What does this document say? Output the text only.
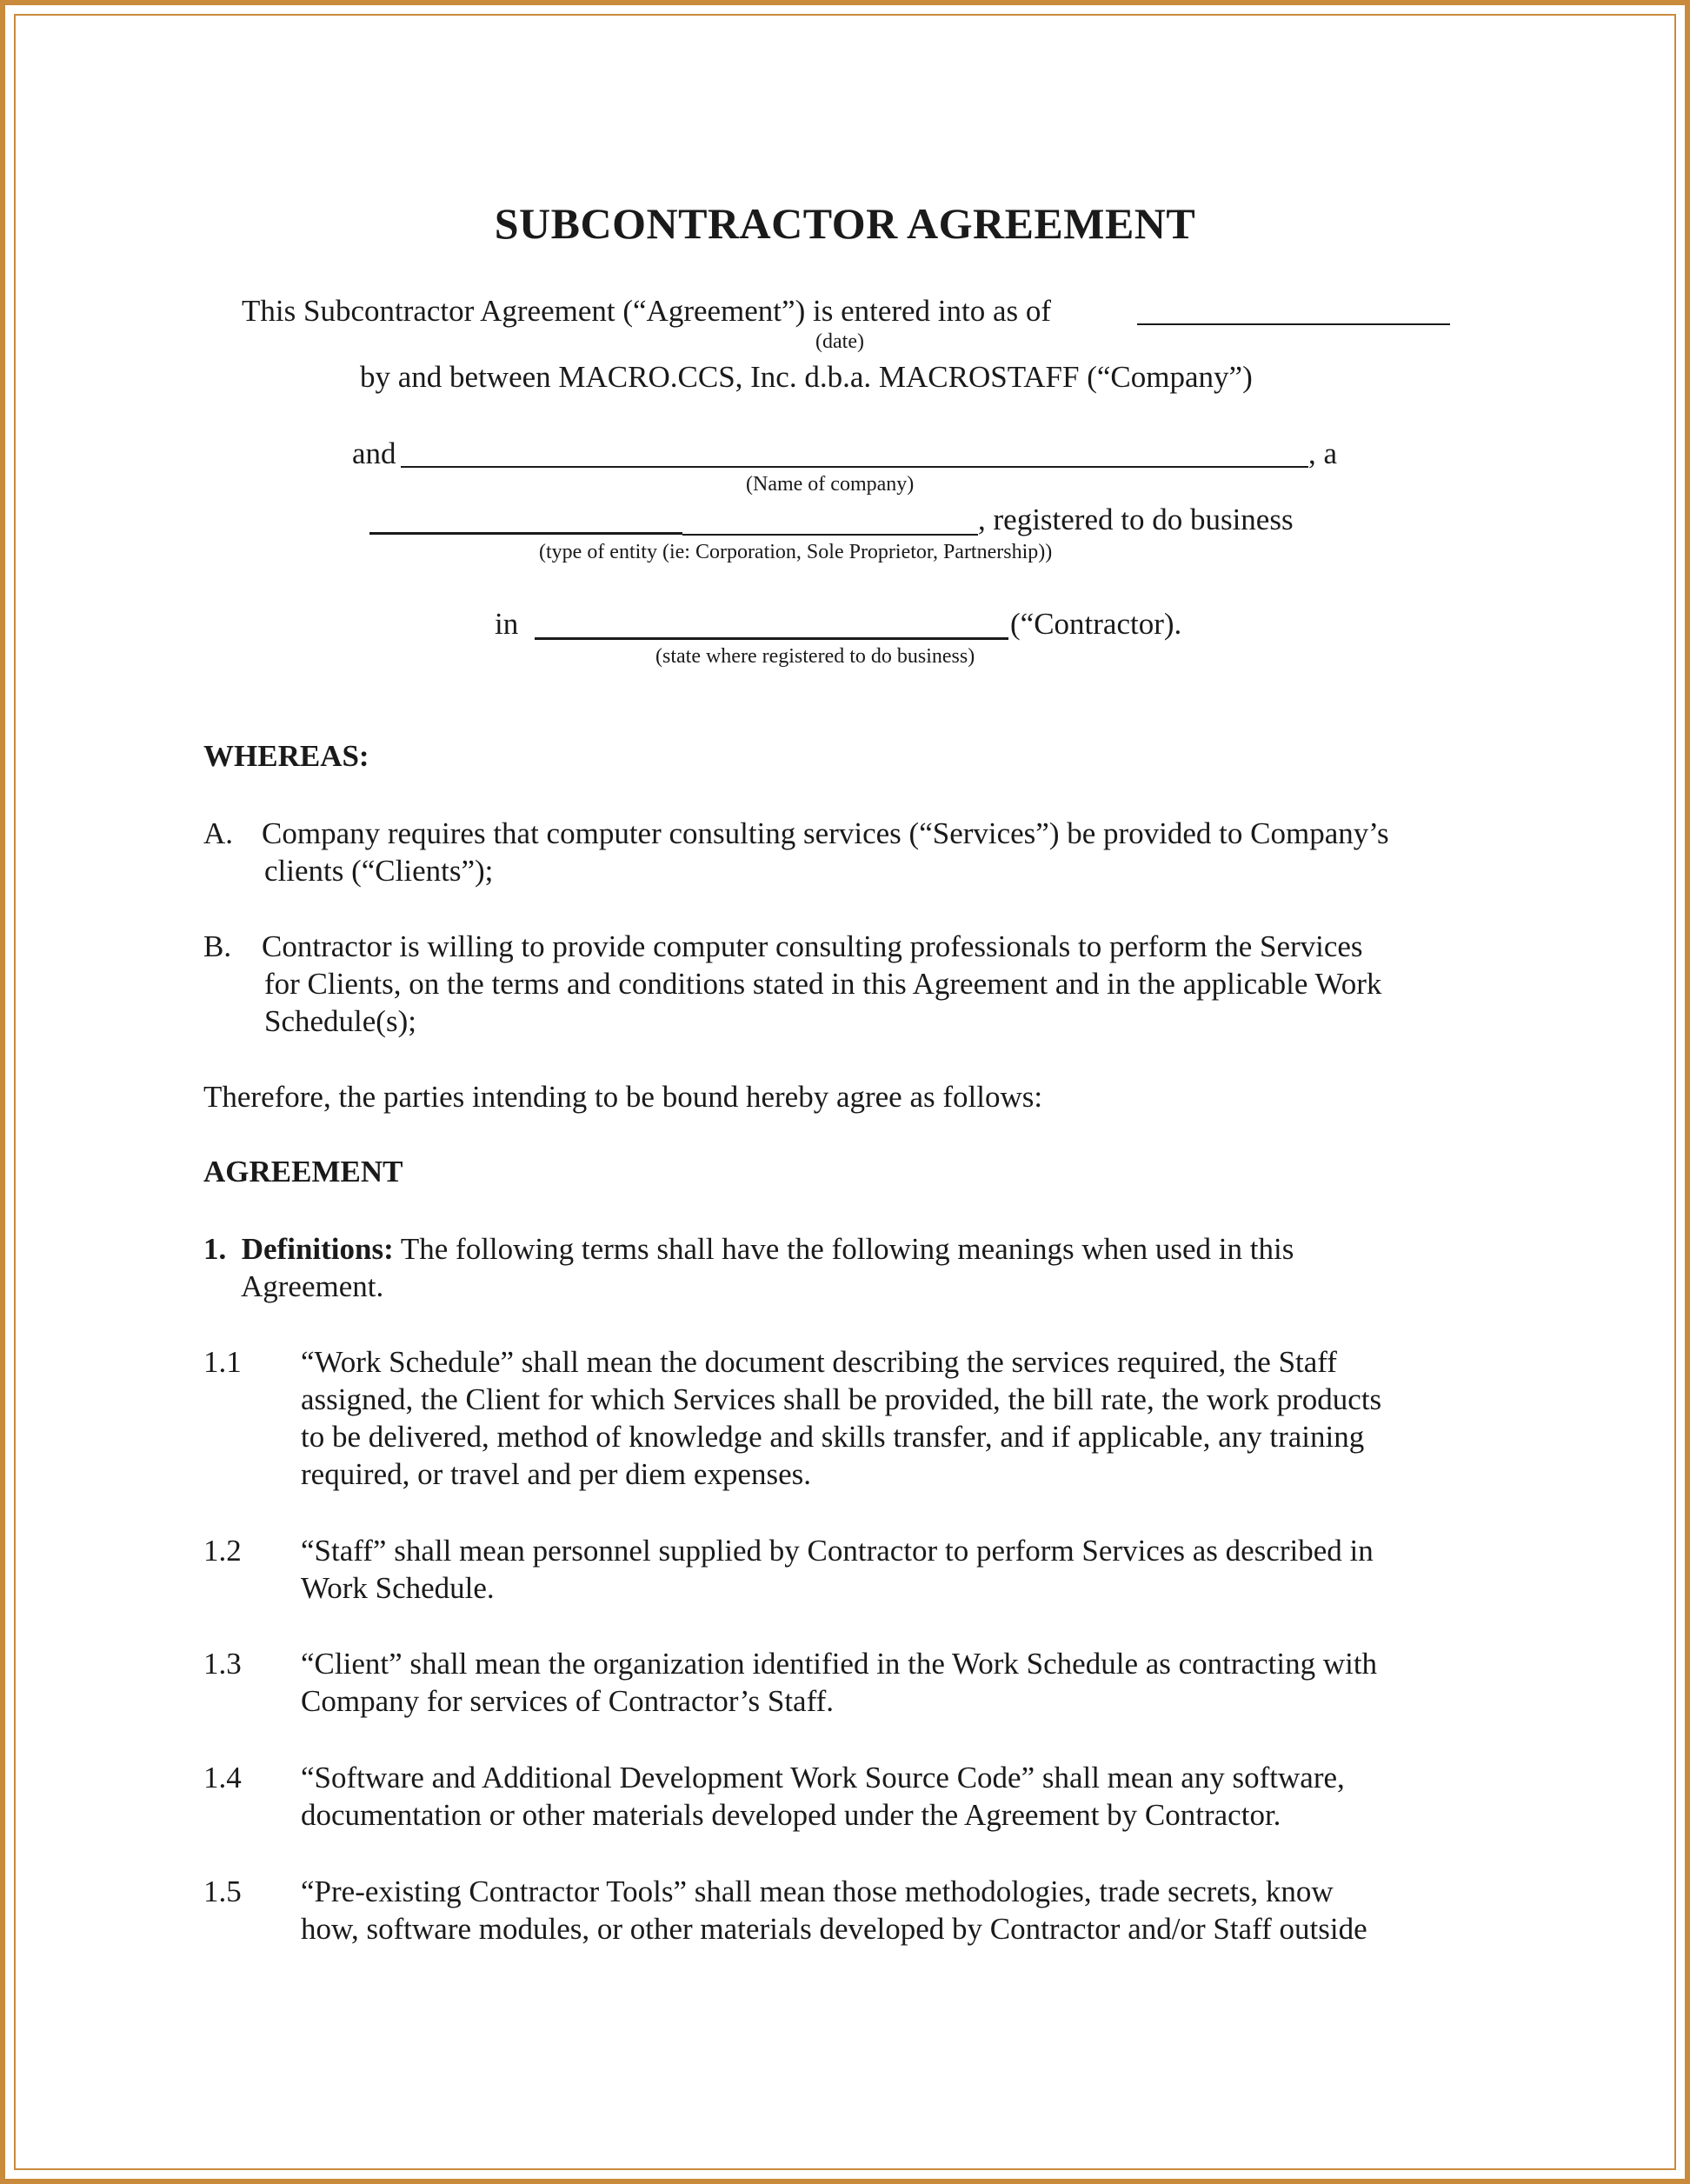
SUBCONTRACTOR AGREEMENT
This Subcontractor Agreement (“Agreement”) is entered into as of
(date)
by and between MACRO.CCS, Inc. d.b.a. MACROSTAFF (“Company”)
and	, a
(Name of company)
, registered to do business
(type of entity (ie: Corporation, Sole Proprietor, Partnership))
in	(“Contractor).
(state where registered to do business)
WHEREAS:
A. Company requires that computer consulting services (“Services”) be provided to Company’s
clients (“Clients”);
B. Contractor is willing to provide computer consulting professionals to perform the Services
for Clients, on the terms and conditions stated in this Agreement and in the applicable Work
Schedule(s);
Therefore, the parties intending to be bound hereby agree as follows:
AGREEMENT
1. Definitions: The following terms shall have the following meanings when used in this
Agreement.
1.1 “Work Schedule” shall mean the document describing the services required, the Staff
assigned, the Client for which Services shall be provided, the bill rate, the work products
to be delivered, method of knowledge and skills transfer, and if applicable, any training
required, or travel and per diem expenses.
1.2 “Staff” shall mean personnel supplied by Contractor to perform Services as described in
Work Schedule.
1.3 “Client” shall mean the organization identified in the Work Schedule as contracting with
Company for services of Contractor’s Staff.
1.4 “Software and Additional Development Work Source Code” shall mean any software,
documentation or other materials developed under the Agreement by Contractor.
1.5 “Pre-existing Contractor Tools” shall mean those methodologies, trade secrets, know
how, software modules, or other materials developed by Contractor and/or Staff outside
